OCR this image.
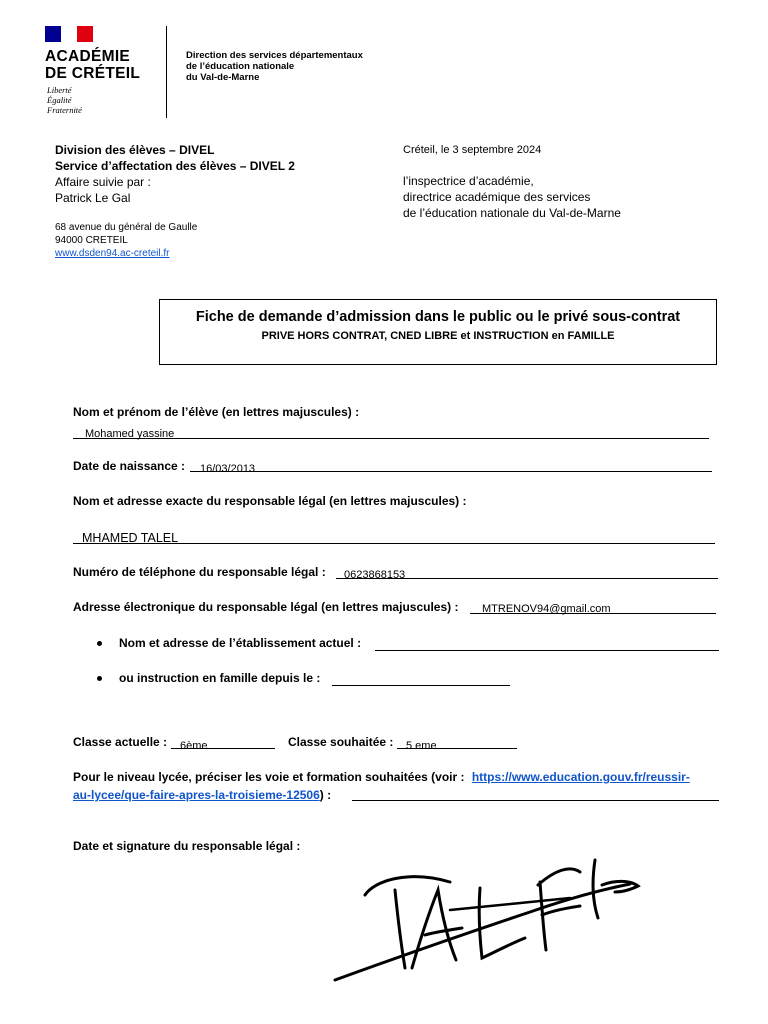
ACADÉMIE
DE CRÉTEIL
Liberté
Égalité
Fraternité
Direction des services départementaux
de l’éducation nationale
du Val-de-Marne
Division des élèves – DIVEL
Service d’affectation des élèves – DIVEL 2
Affaire suivie par :
Patrick Le Gal
68 avenue du général de Gaulle
94000 CRETEIL
www.dsden94.ac-creteil.fr
Créteil, le 3 septembre 2024
l’inspectrice d’académie,
directrice académique des services
de l’éducation nationale du Val-de-Marne
Fiche de demande d’admission dans le public ou le privé sous-contrat
PRIVE HORS CONTRAT, CNED LIBRE et INSTRUCTION en FAMILLE
Nom et prénom de l’élève (en lettres majuscules) :
Mohamed yassine
Date de naissance : 16/03/2013
Nom et adresse exacte du responsable légal (en lettres majuscules) :
MHAMED TALEL
Numéro de téléphone du responsable légal : 0623868153
Adresse électronique du responsable légal (en lettres majuscules) : MTRENOV94@gmail.com
Nom et adresse de l’établissement actuel :
ou instruction en famille depuis le :
Classe actuelle : 6ème	Classe souhaitée : 5 eme
Pour le niveau lycée, préciser les voie et formation souhaitées (voir : https://www.education.gouv.fr/reussir-
au-lycee/que-faire-apres-la-troisieme-12506) :
Date et signature du responsable légal :
